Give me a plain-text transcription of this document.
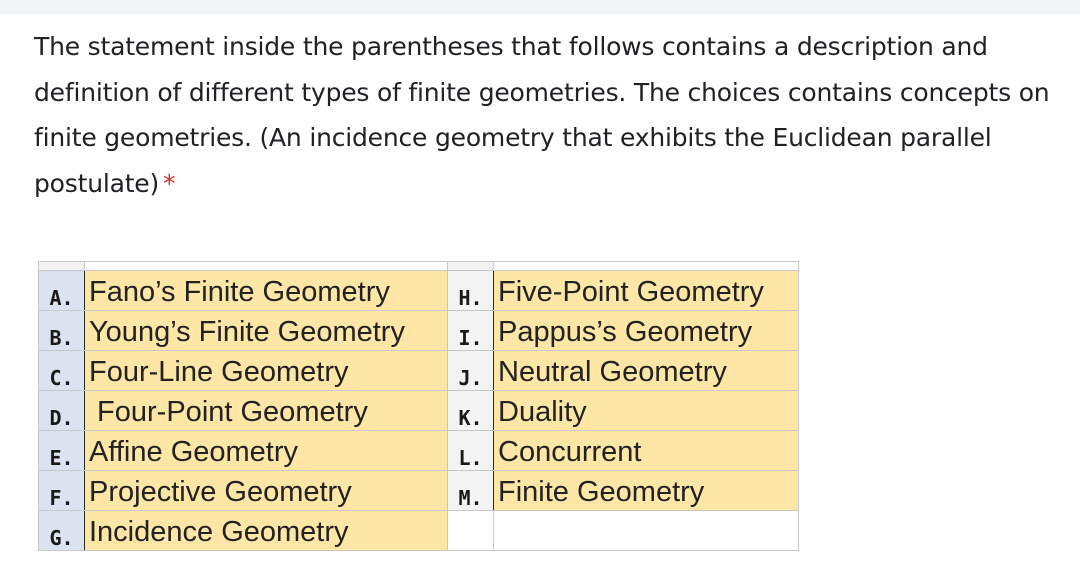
The statement inside the parentheses that follows contains a description and definition of different types of finite geometries. The choices contains concepts on finite geometries. (An incidence geometry that exhibits the Euclidean parallel postulate) *

A.	Fano’s Finite Geometry	H.	Five-Point Geometry
B.	Young’s Finite Geometry	I.	Pappus’s Geometry
C.	Four-Line Geometry	J.	Neutral Geometry
D.	Four-Point Geometry	K.	Duality
E.	Affine Geometry	L.	Concurrent
F.	Projective Geometry	M.	Finite Geometry
G.	Incidence Geometry		
